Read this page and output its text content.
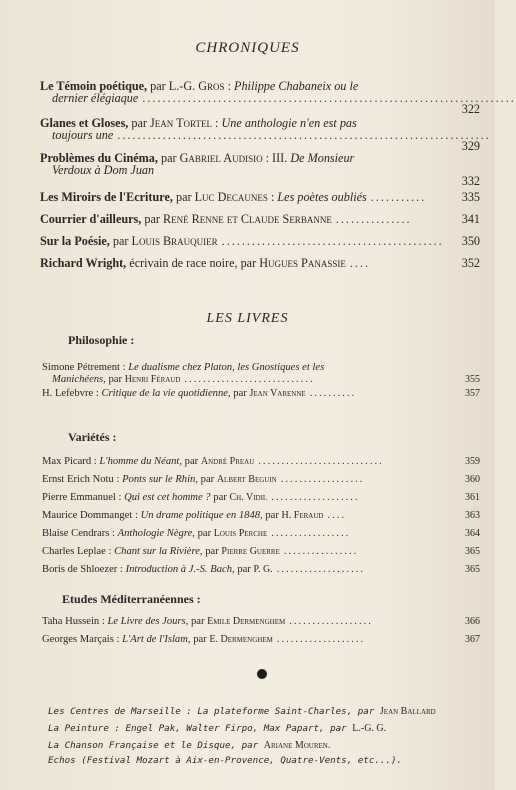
CHRONIQUES
Le Témoin poétique, par L.-G. Gros : Philippe Chabaneix ou le
dernier élégiaque ..........................................................................
322
Glanes et Gloses, par Jean Tortel : Une anthologie n'en est pas
toujours une ..........................................................................
329
Problèmes du Cinéma, par Gabriel Audisio : III. De Monsieur
Verdoux à Dom Juan
332
Les Miroirs de l'Ecriture, par Luc Decaunes : Les poètes oubliés ...........	335
Courrier d'ailleurs, par René Renne et Claude Serbanne ...............	341
Sur la Poésie, par Louis Brauquier ............................................	350
Richard Wright, écrivain de race noire, par Hugues Panassie ....	352
LES LIVRES
Philosophie :
Simone Pétrement : Le dualisme chez Platon, les Gnostiques et les
Manichéens, par Henri Féraud ............................	355
H. Lefebvre : Critique de la vie quotidienne, par Jean Varenne ..........	357
Variétés :
Max Picard : L'homme du Néant, par André Preau ...........................	359
Ernst Erich Notu : Ponts sur le Rhin, par Albert Beguin ..................	360
Pierre Emmanuel : Qui est cet homme ? par Ch. Vidil ...................	361
Maurice Dommanget : Un drame politique en 1848, par H. Feraud ....	363
Blaise Cendrars : Anthologie Nègre, par Louis Perche .................	364
Charles Leplae : Chant sur la Rivière, par Pierre Guerre ................	365
Boris de Shloezer : Introduction à J.-S. Bach, par P. G. ...................	365
Etudes Méditerranéennes :
Taha Hussein : Le Livre des Jours, par Emile Dermenghem ..................	366
Georges Marçais : L'Art de l'Islam, par E. Dermenghem ...................	367
Les Centres de Marseille : La plateforme Saint-Charles, par Jean Ballard
La Peinture : Engel Pak, Walter Firpo, Max Papart, par L.-G. G.
La Chanson Française et le Disque, par Ariane Mouren.
Echos (Festival Mozart à Aix-en-Provence, Quatre-Vents, etc...).
